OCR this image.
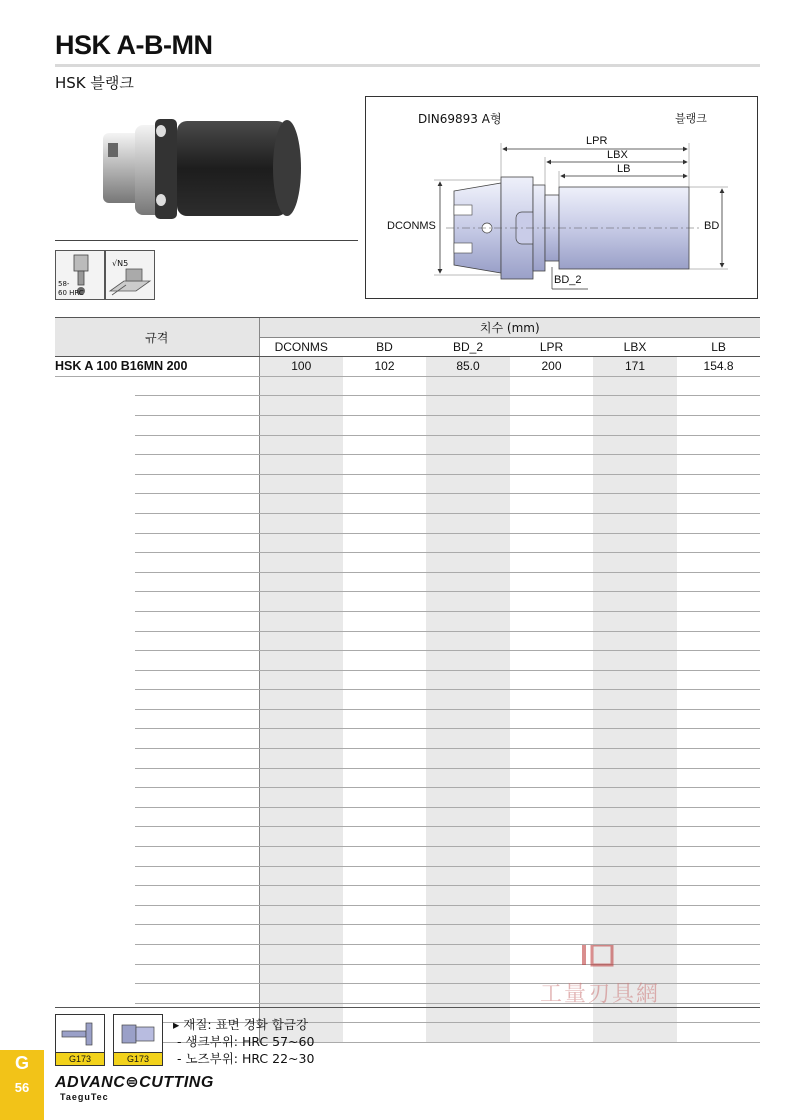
HSK A-B-MN
HSK 블랭크
58-
60 HRC
√N5
DIN69893 A형	블랭크
LPR
LBX
LB
DCONMS	BD
BD_2
규격		치수 (mm)					
		DCONMS	BD	BD_2	LPR	LBX	LB
HSK A 100 B16MN 200		100	102	85.0	200	171	154.8

工量刃具網
G173	G173
▸ 재질: 표면 경화 합금강
- 생크부위: HRC 57~60
- 노즈부위: HRC 22~30
G
56	ADVANC⊜CUTTING
TaeguTec
